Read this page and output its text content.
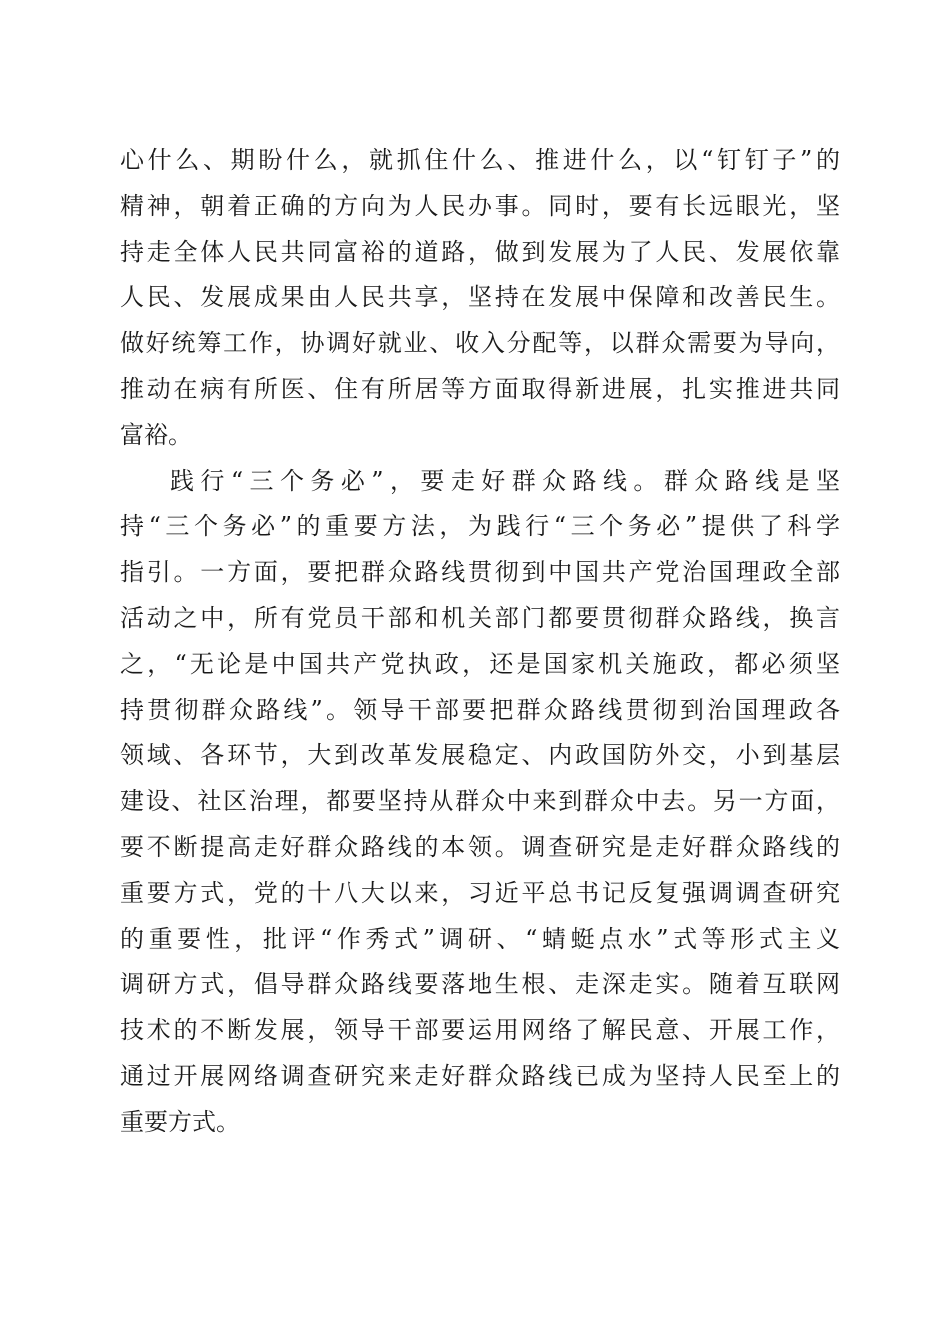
心什么、期盼什么，就抓住什么、推进什么，以“钉钉子”的
精神，朝着正确的方向为人民办事。同时，要有长远眼光，坚
持走全体人民共同富裕的道路，做到发展为了人民、发展依靠
人民、发展成果由人民共享，坚持在发展中保障和改善民生。
做好统筹工作，协调好就业、收入分配等，以群众需要为导向，
推动在病有所医、住有所居等方面取得新进展，扎实推进共同
富裕。
践行“三个务必”，要走好群众路线。群众路线是坚
持“三个务必”的重要方法，为践行“三个务必”提供了科学
指引。一方面，要把群众路线贯彻到中国共产党治国理政全部
活动之中，所有党员干部和机关部门都要贯彻群众路线，换言
之，“无论是中国共产党执政，还是国家机关施政，都必须坚
持贯彻群众路线”。领导干部要把群众路线贯彻到治国理政各
领域、各环节，大到改革发展稳定、内政国防外交，小到基层
建设、社区治理，都要坚持从群众中来到群众中去。另一方面，
要不断提高走好群众路线的本领。调查研究是走好群众路线的
重要方式，党的十八大以来，习近平总书记反复强调调查研究
的重要性，批评“作秀式”调研、“蜻蜓点水”式等形式主义
调研方式，倡导群众路线要落地生根、走深走实。随着互联网
技术的不断发展，领导干部要运用网络了解民意、开展工作，
通过开展网络调查研究来走好群众路线已成为坚持人民至上的
重要方式。
